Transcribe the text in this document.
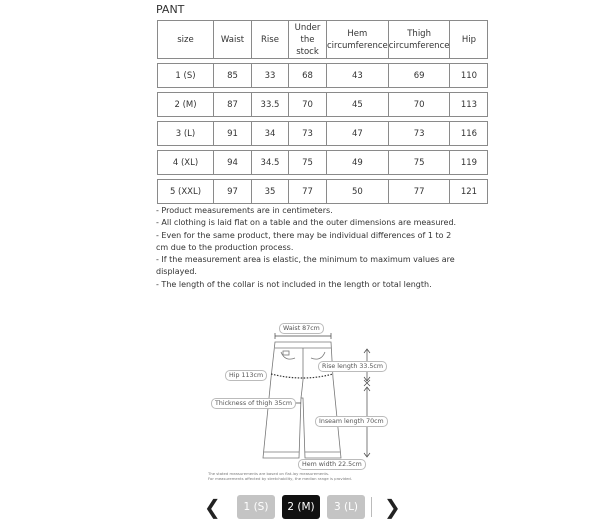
PANT
size	Waist	Rise	Under the stock	Hem circumference	Thigh circumference	Hip

1 (S)	85	33	68	43	69	110

2 (M)	87	33.5	70	45	70	113

3 (L)	91	34	73	47	73	116

4 (XL)	94	34.5	75	49	75	119

5 (XXL)	97	35	77	50	77	121
- Product measurements are in centimeters.
- All clothing is laid flat on a table and the outer dimensions are measured.
- Even for the same product, there may be individual differences of 1 to 2 cm due to the production process.
- If the measurement area is elastic, the minimum to maximum values are displayed.
- The length of the collar is not included in the length or total length.
Waist 87cm
Rise length 33.5cm
Hip 113cm
Thickness of thigh 35cm
Inseam length 70cm
Hem width 22.5cm
The stated measurements are based on flat-lay measurements.
For measurements affected by stretchability, the median range is provided.
❮	1 (S)	2 (M)	3 (L)	❯
